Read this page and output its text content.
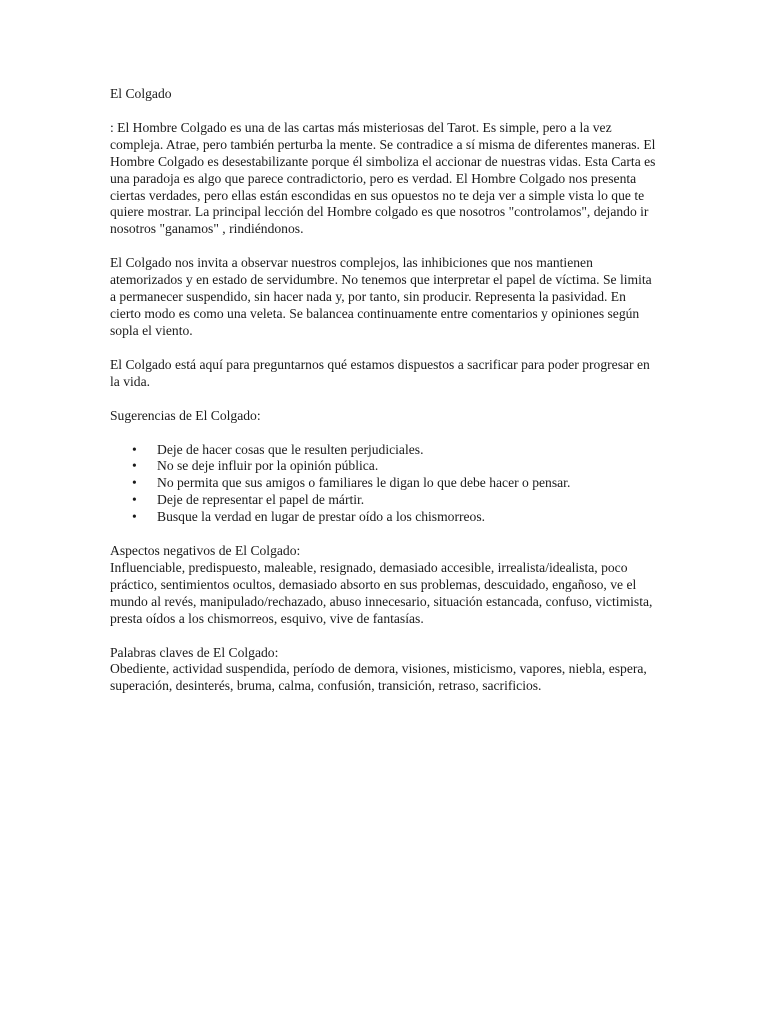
El Colgado

: El Hombre Colgado es una de las cartas más misteriosas del Tarot. Es simple, pero a la vez compleja. Atrae, pero también perturba la mente. Se contradice a sí misma de diferentes maneras. El Hombre Colgado es desestabilizante porque él simboliza el accionar de nuestras vidas. Esta Carta es una paradoja es algo que parece contradictorio, pero es verdad. El Hombre Colgado nos presenta ciertas verdades, pero ellas están escondidas en sus opuestos no te deja ver a simple vista lo que te quiere mostrar. La principal lección del Hombre colgado es que nosotros "controlamos", dejando ir nosotros "ganamos" , rindiéndonos.

El Colgado nos invita a observar nuestros complejos, las inhibiciones que nos mantienen atemorizados y en estado de servidumbre. No tenemos que interpretar el papel de víctima. Se limita a permanecer suspendido, sin hacer nada y, por tanto, sin producir. Representa la pasividad. En cierto modo es como una veleta. Se balancea continuamente entre comentarios y opiniones según sopla el viento.

El Colgado está aquí para preguntarnos qué estamos dispuestos a sacrificar para poder progresar en la vida.

Sugerencias de El Colgado:

• Deje de hacer cosas que le resulten perjudiciales.
• No se deje influir por la opinión pública.
• No permita que sus amigos o familiares le digan lo que debe hacer o pensar.
• Deje de representar el papel de mártir.
• Busque la verdad en lugar de prestar oído a los chismorreos.

Aspectos negativos de El Colgado:

Influenciable, predispuesto, maleable, resignado, demasiado accesible, irrealista/idealista, poco práctico, sentimientos ocultos, demasiado absorto en sus problemas, descuidado, engañoso, ve el mundo al revés, manipulado/rechazado, abuso innecesario, situación estancada, confuso, victimista, presta oídos a los chismorreos, esquivo, vive de fantasías.

Palabras claves de El Colgado:

Obediente, actividad suspendida, período de demora, visiones, misticismo, vapores, niebla, espera, superación, desinterés, bruma, calma, confusión, transición, retraso, sacrificios.
